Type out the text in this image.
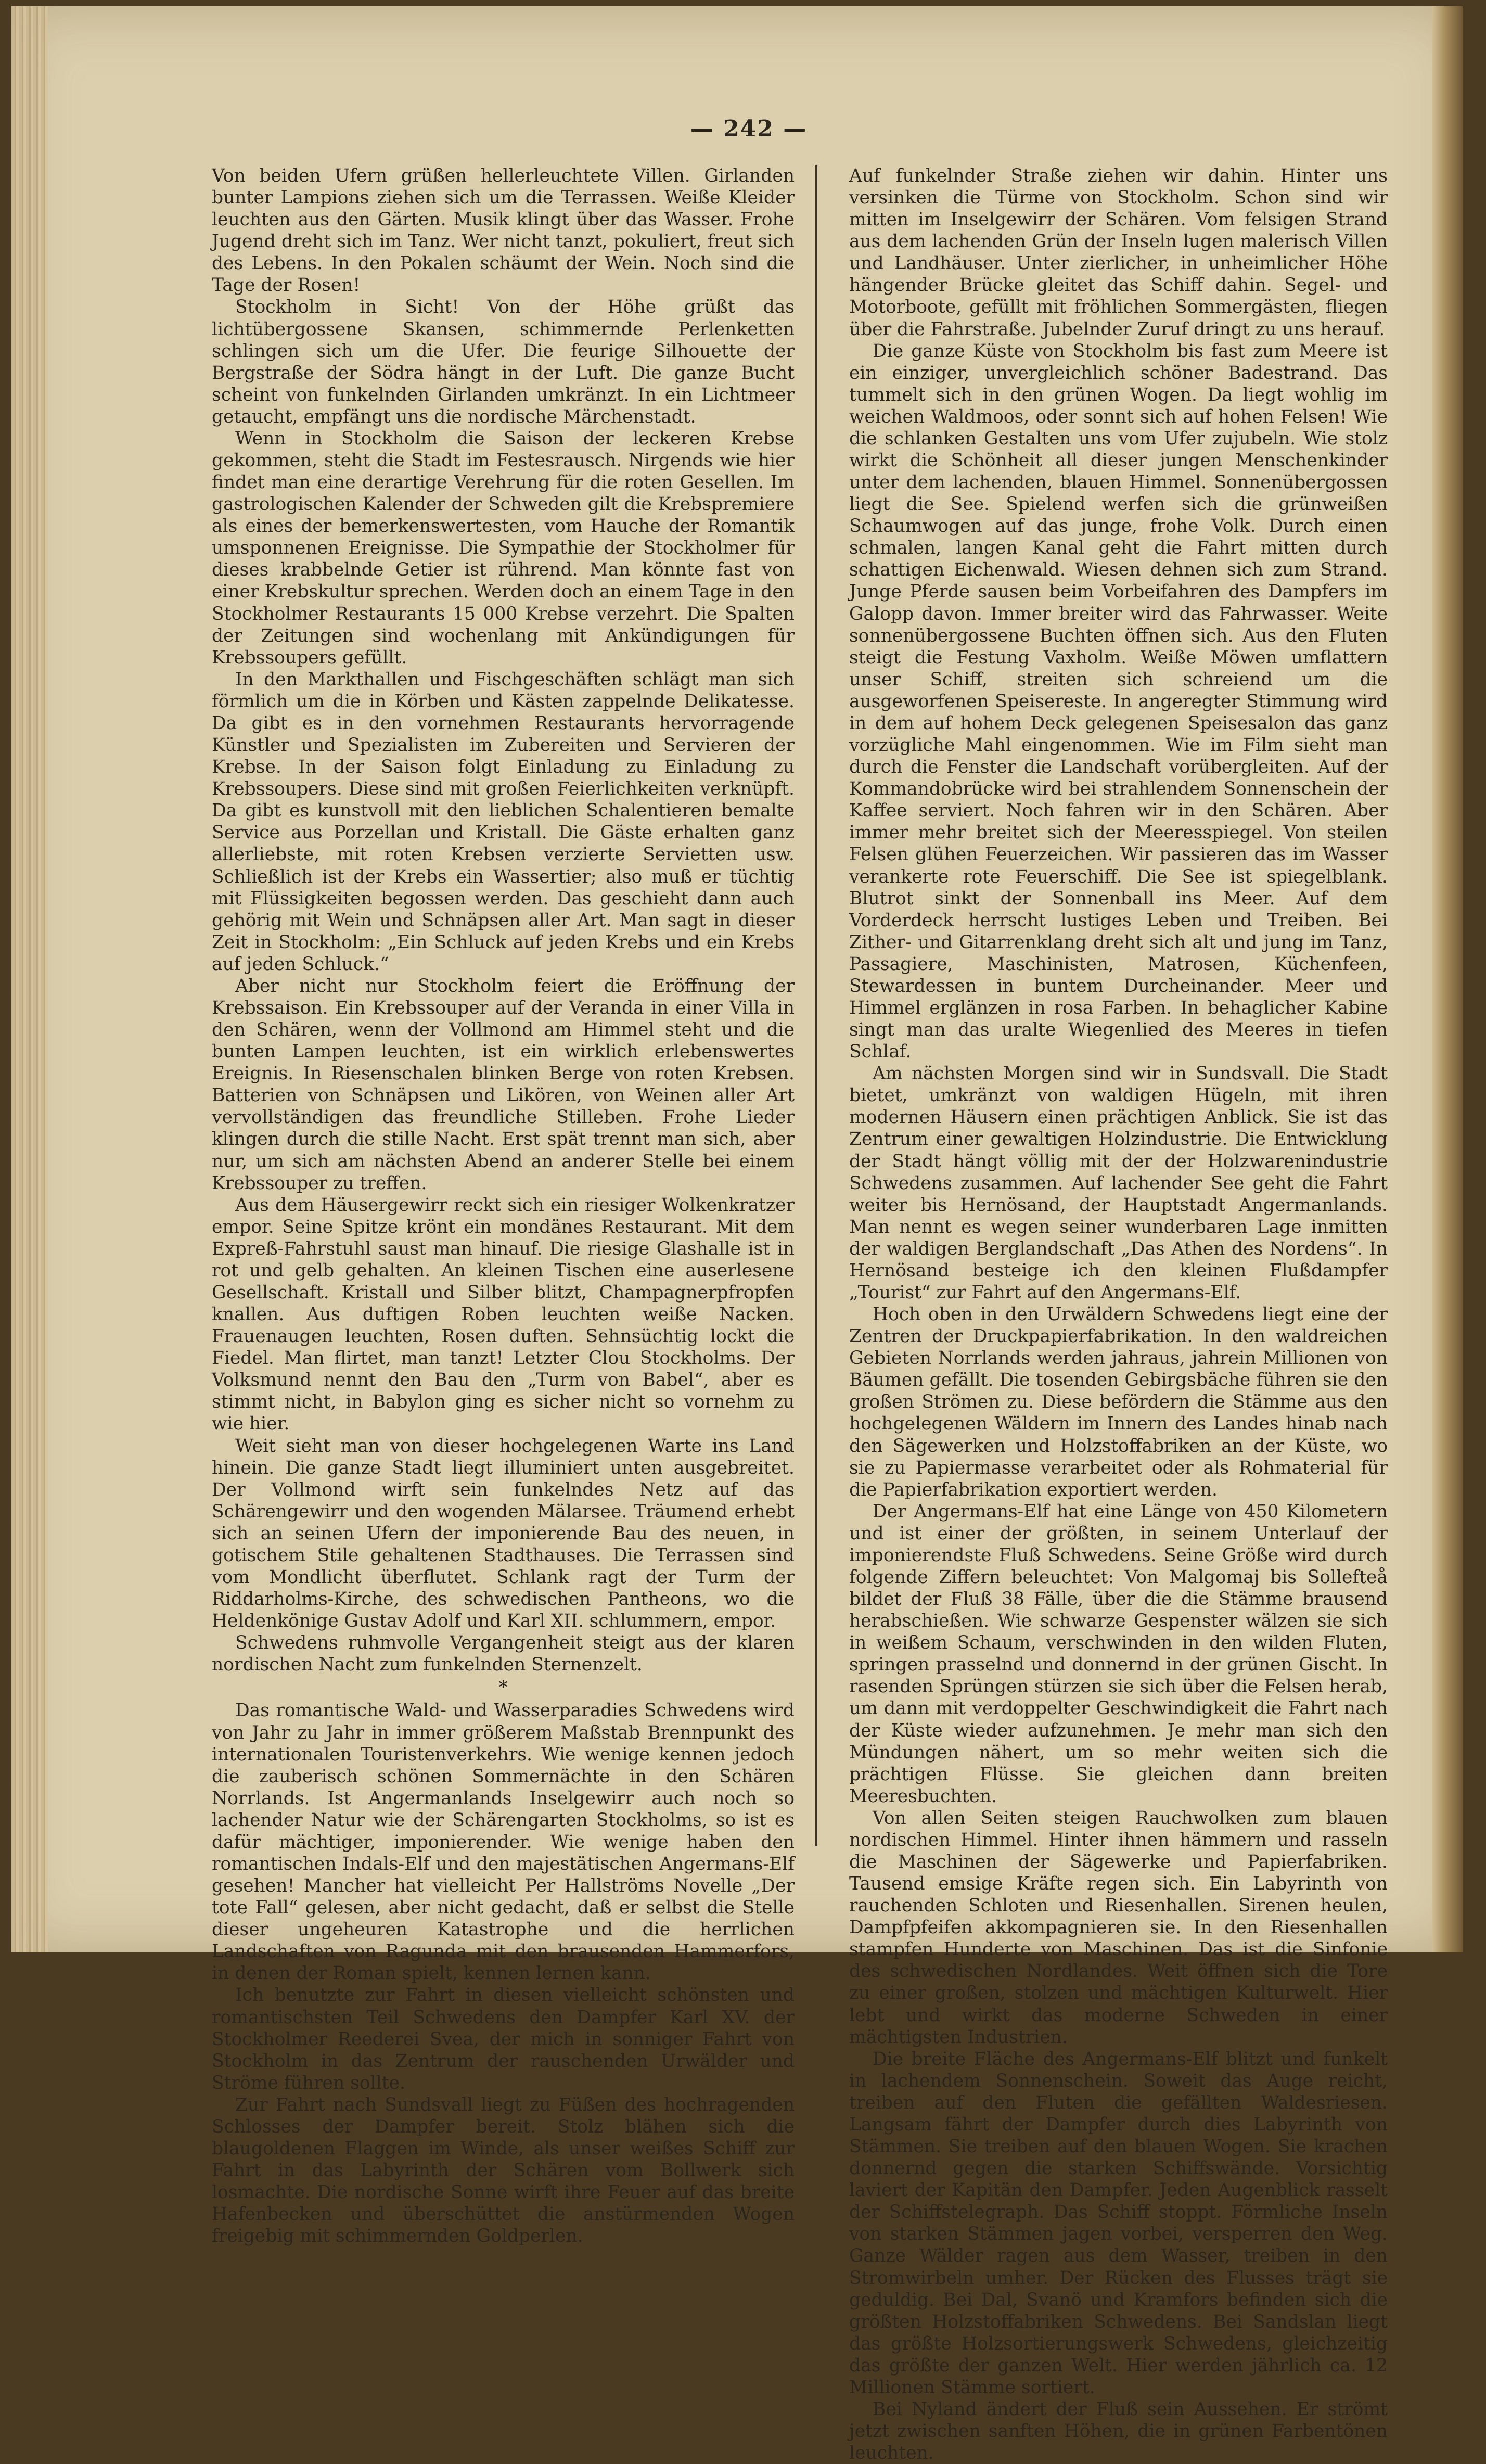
— 242 —

Von beiden Ufern grüßen hellerleuchtete Villen. Girlanden bunter Lampions ziehen sich um die Terrassen. Weiße Kleider leuchten aus den Gärten. Musik klingt über das Wasser. Frohe Jugend dreht sich im Tanz. Wer nicht tanzt, pokuliert, freut sich des Lebens. In den Pokalen schäumt der Wein. Noch sind die Tage der Rosen!

Stockholm in Sicht! Von der Höhe grüßt das lichtübergossene Skansen, schimmernde Perlenketten schlingen sich um die Ufer. Die feurige Silhouette der Bergstraße der Södra hängt in der Luft. Die ganze Bucht scheint von funkelnden Girlanden umkränzt. In ein Lichtmeer getaucht, empfängt uns die nordische Märchenstadt.

Wenn in Stockholm die Saison der leckeren Krebse gekommen, steht die Stadt im Festesrausch. Nirgends wie hier findet man eine derartige Verehrung für die roten Gesellen. Im gastrologischen Kalender der Schweden gilt die Krebspremiere als eines der bemerkenswertesten, vom Hauche der Romantik umsponnenen Ereignisse. Die Sympathie der Stockholmer für dieses krabbelnde Getier ist rührend. Man könnte fast von einer Krebskultur sprechen. Werden doch an einem Tage in den Stockholmer Restaurants 15 000 Krebse verzehrt. Die Spalten der Zeitungen sind wochenlang mit Ankündigungen für Krebssoupers gefüllt.

In den Markthallen und Fischgeschäften schlägt man sich förmlich um die in Körben und Kästen zappelnde Delikatesse. Da gibt es in den vornehmen Restaurants hervorragende Künstler und Spezialisten im Zubereiten und Servieren der Krebse. In der Saison folgt Einladung zu Einladung zu Krebssoupers. Diese sind mit großen Feierlichkeiten verknüpft. Da gibt es kunstvoll mit den lieblichen Schalentieren bemalte Service aus Porzellan und Kristall. Die Gäste erhalten ganz allerliebste, mit roten Krebsen verzierte Servietten usw. Schließlich ist der Krebs ein Wassertier; also muß er tüchtig mit Flüssigkeiten begossen werden. Das geschieht dann auch gehörig mit Wein und Schnäpsen aller Art. Man sagt in dieser Zeit in Stockholm: „Ein Schluck auf jeden Krebs und ein Krebs auf jeden Schluck.“

Aber nicht nur Stockholm feiert die Eröffnung der Krebssaison. Ein Krebssouper auf der Veranda in einer Villa in den Schären, wenn der Vollmond am Himmel steht und die bunten Lampen leuchten, ist ein wirklich erlebenswertes Ereignis. In Riesenschalen blinken Berge von roten Krebsen. Batterien von Schnäpsen und Likören, von Weinen aller Art vervollständigen das freundliche Stilleben. Frohe Lieder klingen durch die stille Nacht. Erst spät trennt man sich, aber nur, um sich am nächsten Abend an anderer Stelle bei einem Krebssouper zu treffen.

Aus dem Häusergewirr reckt sich ein riesiger Wolkenkratzer empor. Seine Spitze krönt ein mondänes Restaurant. Mit dem Expreß-Fahrstuhl saust man hinauf. Die riesige Glashalle ist in rot und gelb gehalten. An kleinen Tischen eine auserlesene Gesellschaft. Kristall und Silber blitzt, Champagnerpfropfen knallen. Aus duftigen Roben leuchten weiße Nacken. Frauenaugen leuchten, Rosen duften. Sehnsüchtig lockt die Fiedel. Man flirtet, man tanzt! Letzter Clou Stockholms. Der Volksmund nennt den Bau den „Turm von Babel“, aber es stimmt nicht, in Babylon ging es sicher nicht so vornehm zu wie hier.

Weit sieht man von dieser hochgelegenen Warte ins Land hinein. Die ganze Stadt liegt illuminiert unten ausgebreitet. Der Vollmond wirft sein funkelndes Netz auf das Schärengewirr und den wogenden Mälarsee. Träumend erhebt sich an seinen Ufern der imponierende Bau des neuen, in gotischem Stile gehaltenen Stadthauses. Die Terrassen sind vom Mondlicht überflutet. Schlank ragt der Turm der Riddarholms-Kirche, des schwedischen Pantheons, wo die Heldenkönige Gustav Adolf und Karl XII. schlummern, empor.

Schwedens ruhmvolle Vergangenheit steigt aus der klaren nordischen Nacht zum funkelnden Sternenzelt.

*

Das romantische Wald- und Wasserparadies Schwedens wird von Jahr zu Jahr in immer größerem Maßstab Brennpunkt des internationalen Touristenverkehrs. Wie wenige kennen jedoch die zauberisch schönen Sommernächte in den Schären Norrlands. Ist Angermanlands Inselgewirr auch noch so lachender Natur wie der Schärengarten Stockholms, so ist es dafür mächtiger, imponierender. Wie wenige haben den romantischen Indals-Elf und den majestätischen Angermans-Elf gesehen! Mancher hat vielleicht Per Hallströms Novelle „Der tote Fall“ gelesen, aber nicht gedacht, daß er selbst die Stelle dieser ungeheuren Katastrophe und die herrlichen Landschaften von Ragunda mit den brausenden Hammerfors, in denen der Roman spielt, kennen lernen kann.

Ich benutzte zur Fahrt in diesen vielleicht schönsten und romantischsten Teil Schwedens den Dampfer Karl XV. der Stockholmer Reederei Svea, der mich in sonniger Fahrt von Stockholm in das Zentrum der rauschenden Urwälder und Ströme führen sollte.

Zur Fahrt nach Sundsvall liegt zu Füßen des hochragenden Schlosses der Dampfer bereit. Stolz blähen sich die blaugoldenen Flaggen im Winde, als unser weißes Schiff zur Fahrt in das Labyrinth der Schären vom Bollwerk sich losmachte. Die nordische Sonne wirft ihre Feuer auf das breite Hafenbecken und überschüttet die anstürmenden Wogen freigebig mit schimmernden Goldperlen.

Auf funkelnder Straße ziehen wir dahin. Hinter uns versinken die Türme von Stockholm. Schon sind wir mitten im Inselgewirr der Schären. Vom felsigen Strand aus dem lachenden Grün der Inseln lugen malerisch Villen und Landhäuser. Unter zierlicher, in unheimlicher Höhe hängender Brücke gleitet das Schiff dahin. Segel- und Motorboote, gefüllt mit fröhlichen Sommergästen, fliegen über die Fahrstraße. Jubelnder Zuruf dringt zu uns herauf.

Die ganze Küste von Stockholm bis fast zum Meere ist ein einziger, unvergleichlich schöner Badestrand. Das tummelt sich in den grünen Wogen. Da liegt wohlig im weichen Waldmoos, oder sonnt sich auf hohen Felsen! Wie die schlanken Gestalten uns vom Ufer zujubeln. Wie stolz wirkt die Schönheit all dieser jungen Menschenkinder unter dem lachenden, blauen Himmel. Sonnenübergossen liegt die See. Spielend werfen sich die grünweißen Schaumwogen auf das junge, frohe Volk. Durch einen schmalen, langen Kanal geht die Fahrt mitten durch schattigen Eichenwald. Wiesen dehnen sich zum Strand. Junge Pferde sausen beim Vorbeifahren des Dampfers im Galopp davon. Immer breiter wird das Fahrwasser. Weite sonnenübergossene Buchten öffnen sich. Aus den Fluten steigt die Festung Vaxholm. Weiße Möwen umflattern unser Schiff, streiten sich schreiend um die ausgeworfenen Speisereste. In angeregter Stimmung wird in dem auf hohem Deck gelegenen Speisesalon das ganz vorzügliche Mahl eingenommen. Wie im Film sieht man durch die Fenster die Landschaft vorübergleiten. Auf der Kommandobrücke wird bei strahlendem Sonnenschein der Kaffee serviert. Noch fahren wir in den Schären. Aber immer mehr breitet sich der Meeresspiegel. Von steilen Felsen glühen Feuerzeichen. Wir passieren das im Wasser verankerte rote Feuerschiff. Die See ist spiegelblank. Blutrot sinkt der Sonnenball ins Meer. Auf dem Vorderdeck herrscht lustiges Leben und Treiben. Bei Zither- und Gitarrenklang dreht sich alt und jung im Tanz, Passagiere, Maschinisten, Matrosen, Küchenfeen, Stewardessen in buntem Durcheinander. Meer und Himmel erglänzen in rosa Farben. In behaglicher Kabine singt man das uralte Wiegenlied des Meeres in tiefen Schlaf.

Am nächsten Morgen sind wir in Sundsvall. Die Stadt bietet, umkränzt von waldigen Hügeln, mit ihren modernen Häusern einen prächtigen Anblick. Sie ist das Zentrum einer gewaltigen Holzindustrie. Die Entwicklung der Stadt hängt völlig mit der der Holzwarenindustrie Schwedens zusammen. Auf lachender See geht die Fahrt weiter bis Hernösand, der Hauptstadt Angermanlands. Man nennt es wegen seiner wunderbaren Lage inmitten der waldigen Berglandschaft „Das Athen des Nordens“. In Hernösand besteige ich den kleinen Flußdampfer „Tourist“ zur Fahrt auf den Angermans-Elf.

Hoch oben in den Urwäldern Schwedens liegt eine der Zentren der Druckpapierfabrikation. In den waldreichen Gebieten Norrlands werden jahraus, jahrein Millionen von Bäumen gefällt. Die tosenden Gebirgsbäche führen sie den großen Strömen zu. Diese befördern die Stämme aus den hochgelegenen Wäldern im Innern des Landes hinab nach den Sägewerken und Holzstoffabriken an der Küste, wo sie zu Papiermasse verarbeitet oder als Rohmaterial für die Papierfabrikation exportiert werden.

Der Angermans-Elf hat eine Länge von 450 Kilometern und ist einer der größten, in seinem Unterlauf der imponierendste Fluß Schwedens. Seine Größe wird durch folgende Ziffern beleuchtet: Von Malgomaj bis Sollefteå bildet der Fluß 38 Fälle, über die die Stämme brausend herabschießen. Wie schwarze Gespenster wälzen sie sich in weißem Schaum, verschwinden in den wilden Fluten, springen prasselnd und donnernd in der grünen Gischt. In rasenden Sprüngen stürzen sie sich über die Felsen herab, um dann mit verdoppelter Geschwindigkeit die Fahrt nach der Küste wieder aufzunehmen. Je mehr man sich den Mündungen nähert, um so mehr weiten sich die prächtigen Flüsse. Sie gleichen dann breiten Meeresbuchten.

Von allen Seiten steigen Rauchwolken zum blauen nordischen Himmel. Hinter ihnen hämmern und rasseln die Maschinen der Sägewerke und Papierfabriken. Tausend emsige Kräfte regen sich. Ein Labyrinth von rauchenden Schloten und Riesenhallen. Sirenen heulen, Dampfpfeifen akkompagnieren sie. In den Riesenhallen stampfen Hunderte von Maschinen. Das ist die Sinfonie des schwedischen Nordlandes. Weit öffnen sich die Tore zu einer großen, stolzen und mächtigen Kulturwelt. Hier lebt und wirkt das moderne Schweden in einer mächtigsten Industrien.

Die breite Fläche des Angermans-Elf blitzt und funkelt in lachendem Sonnenschein. Soweit das Auge reicht, treiben auf den Fluten die gefällten Waldesriesen. Langsam fährt der Dampfer durch dies Labyrinth von Stämmen. Sie treiben auf den blauen Wogen. Sie krachen donnernd gegen die starken Schiffswände. Vorsichtig laviert der Kapitän den Dampfer. Jeden Augenblick rasselt der Schiffstelegraph. Das Schiff stoppt. Förmliche Inseln von starken Stämmen jagen vorbei, versperren den Weg. Ganze Wälder ragen aus dem Wasser, treiben in den Stromwirbeln umher. Der Rücken des Flusses trägt sie geduldig. Bei Dal, Svanö und Kramfors befinden sich die größten Holzstoffabriken Schwedens. Bei Sandslan liegt das größte Holzsortierungswerk Schwedens, gleichzeitig das größte der ganzen Welt. Hier werden jährlich ca. 12 Millionen Stämme sortiert.

Bei Nyland ändert der Fluß sein Aussehen. Er strömt jetzt zwischen sanften Höhen, die in grünen Farbentönen leuchten.
